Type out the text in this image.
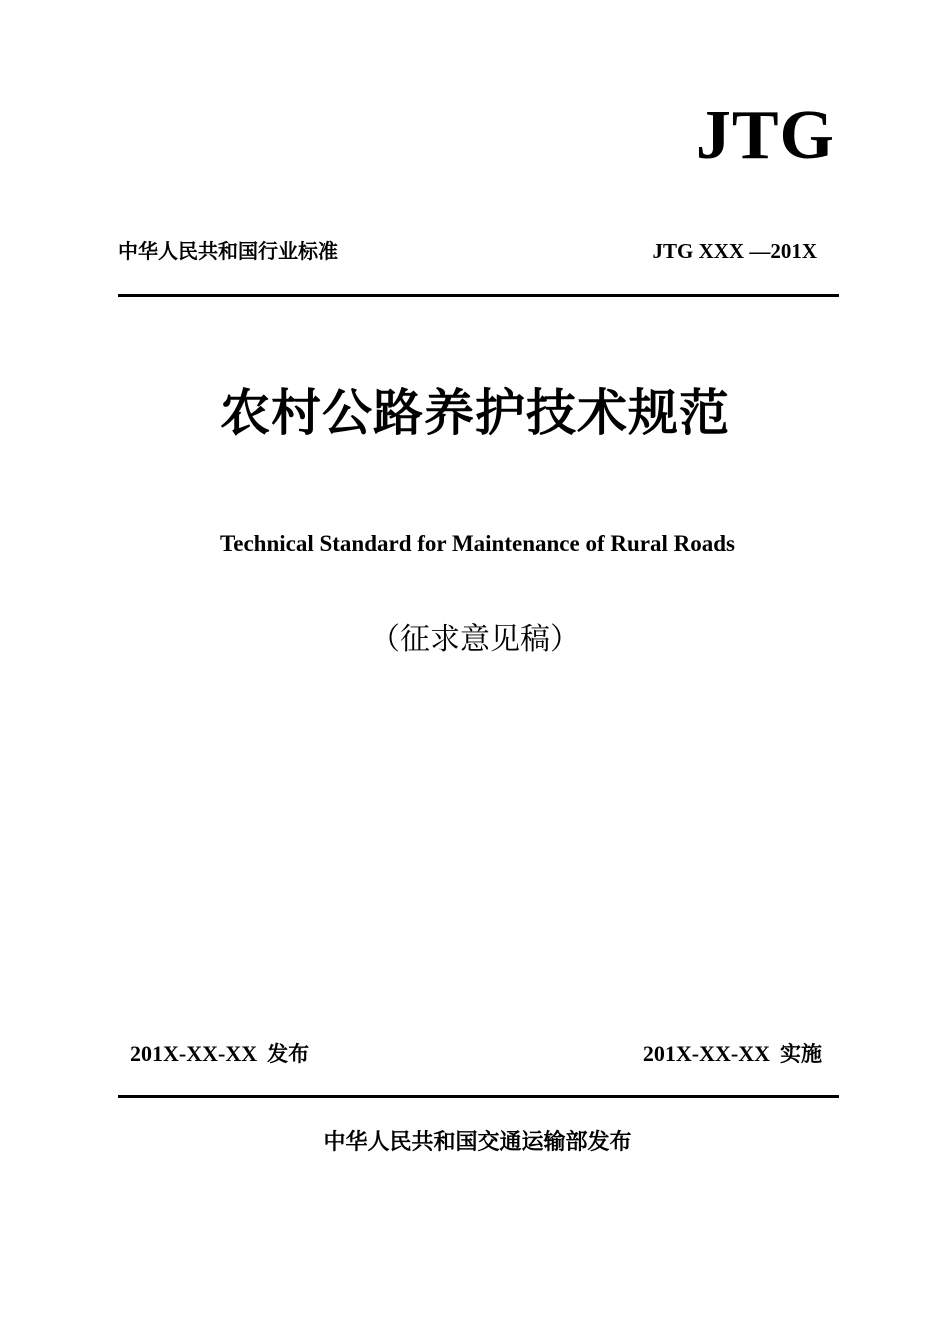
JTG
中华人民共和国行业标准	JTG XXX —201X
农村公路养护技术规范
Technical Standard for Maintenance of Rural Roads
（征求意见稿）
201X-XX-XX 发布	201X-XX-XX 实施
中华人民共和国交通运输部发布
